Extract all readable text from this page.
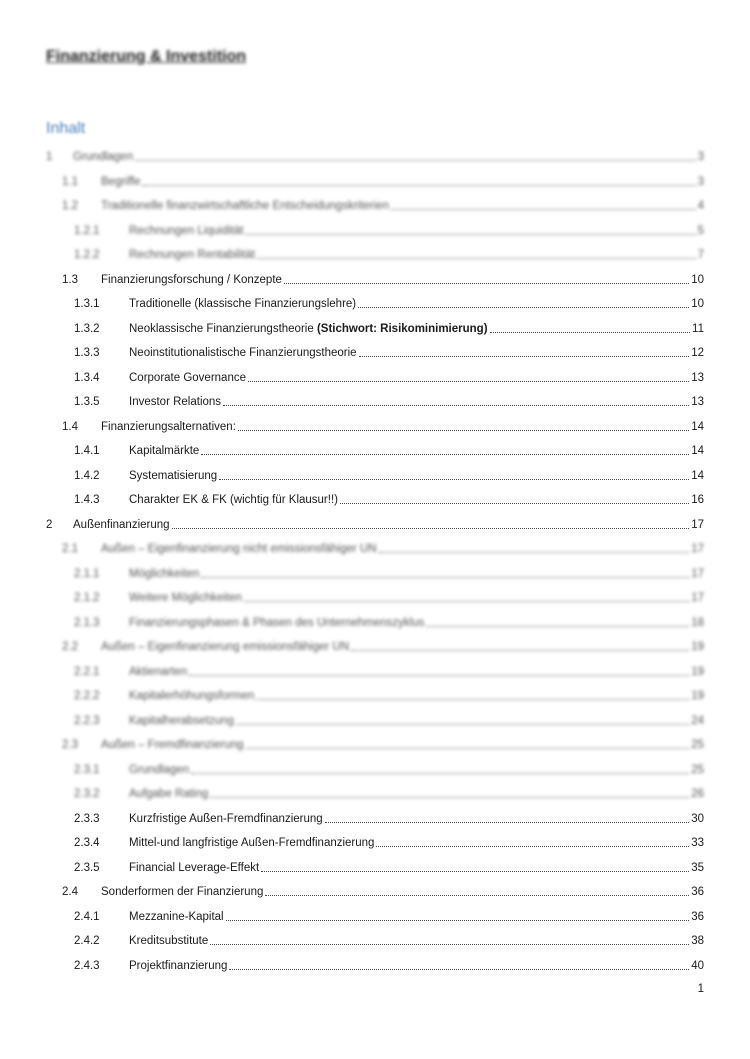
Finanzierung & Investition
Inhalt
1	Grundlagen	3
1.1	Begriffe	3
1.2	Traditionelle finanzwirtschaftliche Entscheidungskriterien	4
1.2.1	Rechnungen Liquidität	5
1.2.2	Rechnungen Rentabilität	7
1.3	Finanzierungsforschung / Konzepte	10
1.3.1	Traditionelle (klassische Finanzierungslehre)	10
1.3.2	Neoklassische Finanzierungstheorie (Stichwort: Risikominimierung)	11
1.3.3	Neoinstitutionalistische Finanzierungstheorie	12
1.3.4	Corporate Governance	13
1.3.5	Investor Relations	13
1.4	Finanzierungsalternativen:	14
1.4.1	Kapitalmärkte	14
1.4.2	Systematisierung	14
1.4.3	Charakter EK & FK (wichtig für Klausur!!)	16
2	Außenfinanzierung	17
2.1	Außen – Eigenfinanzierung nicht emissionsfähiger UN	17
2.1.1	Möglichkeiten	17
2.1.2	Weitere Möglichkeiten	17
2.1.3	Finanzierungsphasen & Phasen des Unternehmenszyklus	18
2.2	Außen – Eigenfinanzierung emissionsfähiger UN	19
2.2.1	Aktienarten	19
2.2.2	Kapitalerhöhungsformen	19
2.2.3	Kapitalherabsetzung	24
2.3	Außen – Fremdfinanzierung	25
2.3.1	Grundlagen	25
2.3.2	Aufgabe Rating	26
2.3.3	Kurzfristige Außen-Fremdfinanzierung	30
2.3.4	Mittel-und langfristige Außen-Fremdfinanzierung	33
2.3.5	Financial Leverage-Effekt	35
2.4	Sonderformen der Finanzierung	36
2.4.1	Mezzanine-Kapital	36
2.4.2	Kreditsubstitute	38
2.4.3	Projektfinanzierung	40
1
